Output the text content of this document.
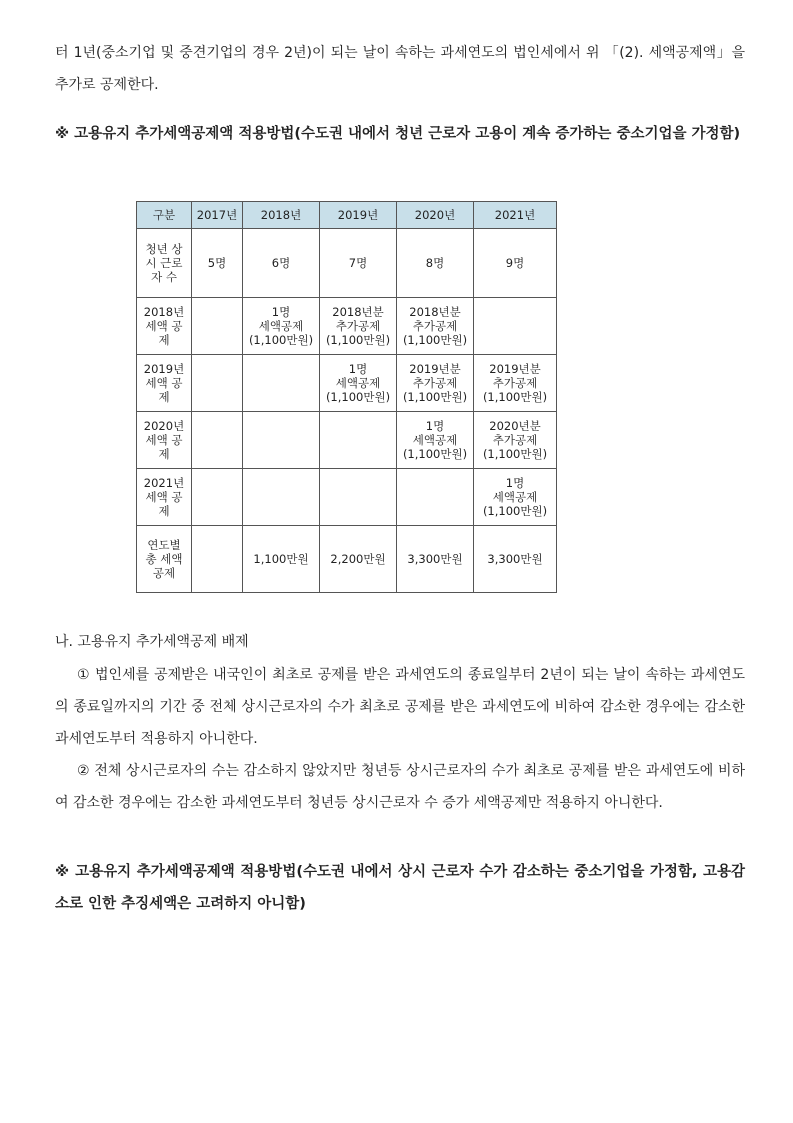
터 1년(중소기업 및 중견기업의 경우 2년)이 되는 날이 속하는 과세연도의 법인세에서 위 「(2). 세액공제액」을 추가로 공제한다.

※ 고용유지 추가세액공제액 적용방법(수도권 내에서 청년 근로자 고용이 계속 증가하는 중소기업을 가정함)

나. 고용유지 추가세액공제 배제

① 법인세를 공제받은 내국인이 최초로 공제를 받은 과세연도의 종료일부터 2년이 되는 날이 속하는 과세연도의 종료일까지의 기간 중 전체 상시근로자의 수가 최초로 공제를 받은 과세연도에 비하여 감소한 경우에는 감소한 과세연도부터 적용하지 아니한다.

② 전체 상시근로자의 수는 감소하지 않았지만 청년등 상시근로자의 수가 최초로 공제를 받은 과세연도에 비하여 감소한 경우에는 감소한 과세연도부터 청년등 상시근로자 수 증가 세액공제만 적용하지 아니한다.

※ 고용유지 추가세액공제액 적용방법(수도권 내에서 상시 근로자 수가 감소하는 중소기업을 가정함, 고용감소로 인한 추징세액은 고려하지 아니함)

구분	2017년	2018년	2019년	2020년	2021년
청년 상시 근로자 수	5명	6명	7명	8명	9명
2018년 세액 공제		1명
세액공제
(1,100만원)	2018년분
추가공제
(1,100만원)	2018년분
추가공제
(1,100만원)	

2019년 세액 공제			1명
세액공제
(1,100만원)	2019년분
추가공제
(1,100만원)	2019년분
추가공제
(1,100만원)

2020년 세액 공제				1명
세액공제
(1,100만원)	2020년분
추가공제
(1,100만원)

2021년 세액 공제					1명
세액공제
(1,100만원)

연도별 총 세액 공제		1,100만원	2,200만원	3,300만원	3,300만원
